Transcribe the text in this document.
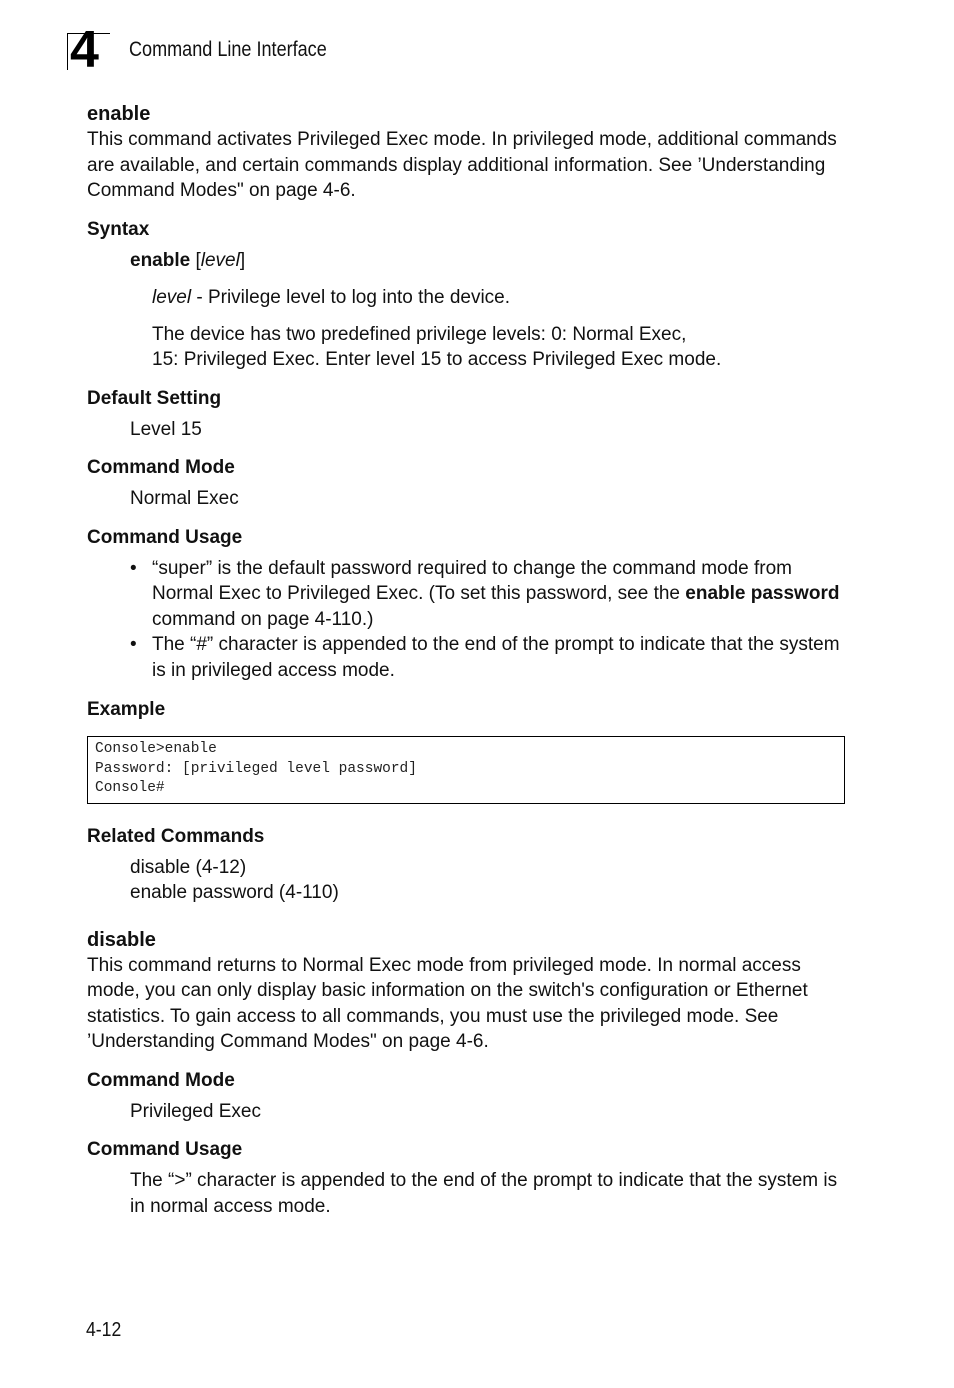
4 Command Line Interface
enable

This command activates Privileged Exec mode. In privileged mode, additional commands are available, and certain commands display additional information. See ’Understanding Command Modes" on page 4-6.

Syntax
enable [level]
level - Privilege level to log into the device.
The device has two predefined privilege levels: 0: Normal Exec,
15: Privileged Exec. Enter level 15 to access Privileged Exec mode.
Default Setting
Level 15
Command Mode
Normal Exec
Command Usage
• “super” is the default password required to change the command mode from Normal Exec to Privileged Exec. (To set this password, see the enable password command on page 4-110.)
• The “#” character is appended to the end of the prompt to indicate that the system is in privileged access mode.
Example
Console>enable
Password: [privileged level password]
Console#
Related Commands
disable (4-12)
enable password (4-110)
disable

This command returns to Normal Exec mode from privileged mode. In normal access mode, you can only display basic information on the switch's configuration or Ethernet statistics. To gain access to all commands, you must use the privileged mode. See ’Understanding Command Modes" on page 4-6.

Command Mode
Privileged Exec
Command Usage
The “>” character is appended to the end of the prompt to indicate that the system is in normal access mode.
4-12
